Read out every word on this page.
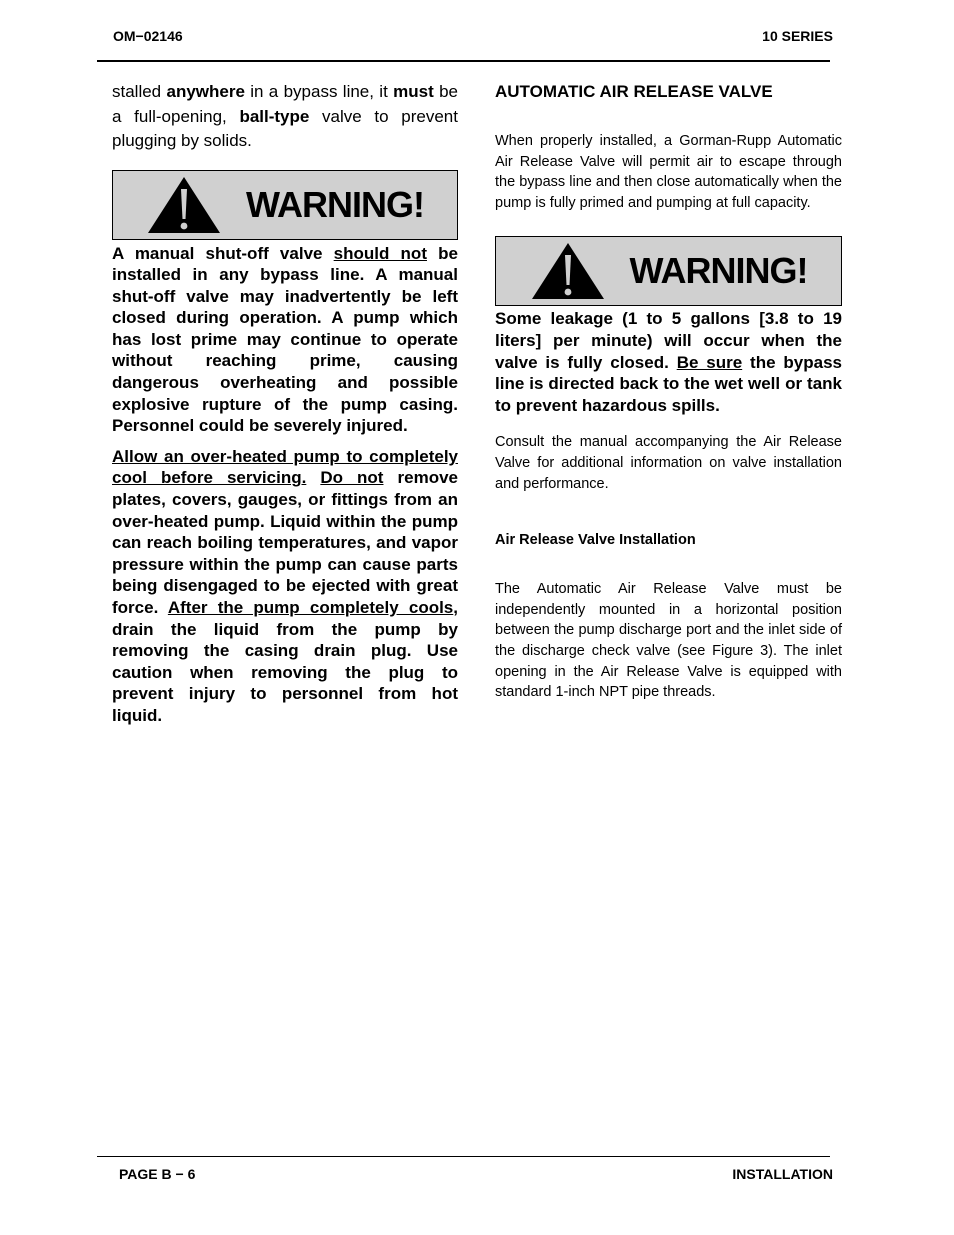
OM−02146	10 SERIES

stalled anywhere in a bypass line, it must be a full-opening, ball-type valve to prevent plugging by solids.

WARNING!

A manual shut-off valve should not be installed in any bypass line. A manual shut-off valve may inadvertently be left closed during operation. A pump which has lost prime may continue to operate without reaching prime, causing dangerous overheating and possible explosive rupture of the pump casing. Personnel could be severely injured.

Allow an over-heated pump to completely cool before servicing. Do not remove plates, covers, gauges, or fittings from an over-heated pump. Liquid within the pump can reach boiling temperatures, and vapor pressure within the pump can cause parts being disengaged to be ejected with great force. After the pump completely cools, drain the liquid from the pump by removing the casing drain plug. Use caution when removing the plug to prevent injury to personnel from hot liquid.

AUTOMATIC AIR RELEASE VALVE

When properly installed, a Gorman-Rupp Automatic Air Release Valve will permit air to escape through the bypass line and then close automatically when the pump is fully primed and pumping at full capacity.

WARNING!

Some leakage (1 to 5 gallons [3.8 to 19 liters] per minute) will occur when the valve is fully closed. Be sure the bypass line is directed back to the wet well or tank to prevent hazardous spills.

Consult the manual accompanying the Air Release Valve for additional information on valve installation and performance.

Air Release Valve Installation

The Automatic Air Release Valve must be independently mounted in a horizontal position between the pump discharge port and the inlet side of the discharge check valve (see Figure 3). The inlet opening in the Air Release Valve is equipped with standard 1-inch NPT pipe threads.

PAGE B − 6	INSTALLATION
